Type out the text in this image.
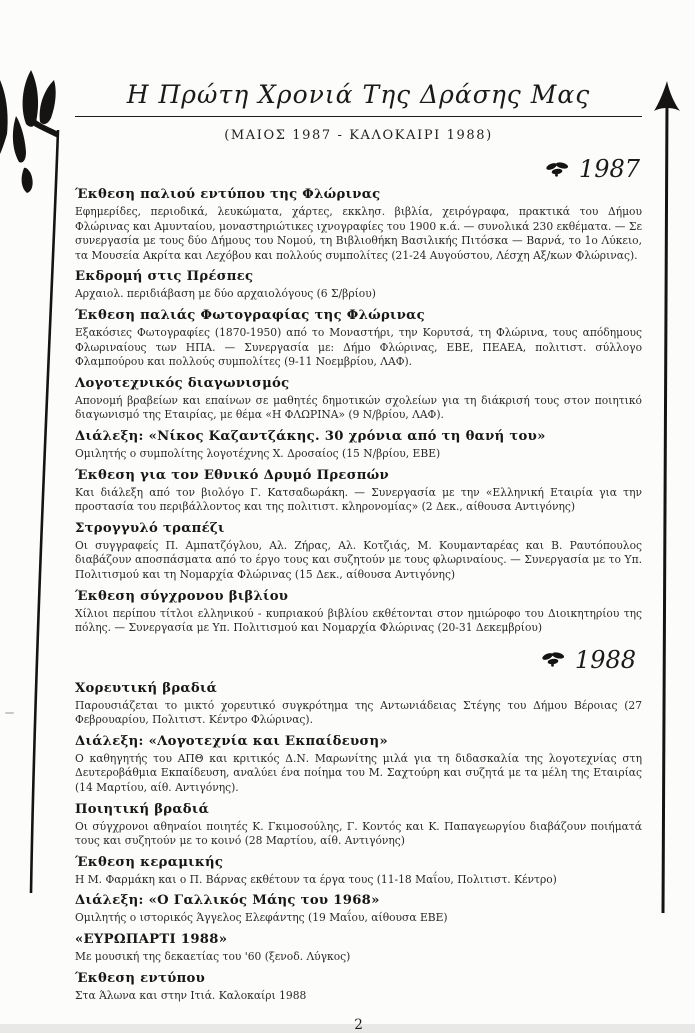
Η Πρώτη Χρονιά Της Δράσης Μας
(ΜΑΙΟΣ 1987 - ΚΑΛΟΚΑΙΡΙ 1988)
1987
Έκθεση παλιού εντύπου της Φλώρινας

Εφημερίδες, περιοδικά, λευκώματα, χάρτες, εκκλησ. βιβλία, χειρόγραφα, πρακτικά του Δήμου Φλώρινας και Αμυνταίου, μοναστηριώτικες ιχνογραφίες του 1900 κ.ά. — συνολικά 230 εκθέματα. — Σε συνεργασία με τους δύο Δήμους του Νομού, τη Βιβλιοθήκη Βασιλικής Πιτόσκα — Βαρνά, το 1ο Λύκειο, τα Μουσεία Ακρίτα και Λεχόβου και πολλούς συμπολίτες (21-24 Αυγούστου, Λέσχη Αξ/κων Φλώρινας).

Εκδρομή στις Πρέσπες

Αρχαιολ. περιδιάβαση με δύο αρχαιολόγους (6 Σ/βρίου)

Έκθεση παλιάς Φωτογραφίας της Φλώρινας

Εξακόσιες Φωτογραφίες (1870-1950) από το Μοναστήρι, την Κορυτσά, τη Φλώρινα, τους απόδημους Φλωριναίους των ΗΠΑ. — Συνεργασία με: Δήμο Φλώρινας, ΕΒΕ, ΠΕΑΕΑ, πολιτιστ. σύλλογο Φλαμπούρου και πολλούς συμπολίτες (9-11 Νοεμβρίου, ΛΑΦ).

Λογοτεχνικός διαγωνισμός

Απονομή βραβείων και επαίνων σε μαθητές δημοτικών σχολείων για τη διάκρισή τους στον ποιητικό διαγωνισμό της Εταιρίας, με θέμα «Η ΦΛΩΡΙΝΑ» (9 Ν/βρίου, ΛΑΦ).

Διάλεξη: «Νίκος Καζαντζάκης. 30 χρόνια από τη θανή του»

Ομιλητής ο συμπολίτης λογοτέχνης Χ. Δροσαίος (15 Ν/βρίου, ΕΒΕ)

Έκθεση για τον Εθνικό Δρυμό Πρεσπών

Και διάλεξη από τον βιολόγο Γ. Κατσαδωράκη. — Συνεργασία με την «Ελληνική Εταιρία για την προστασία του περιβάλλοντος και της πολιτιστ. κληρονομίας» (2 Δεκ., αίθουσα Αντιγόνης)

Στρογγυλό τραπέζι

Οι συγγραφείς Π. Αμπατζόγλου, Αλ. Ζήρας, Αλ. Κοτζιάς, Μ. Κουμανταρέας και Β. Ραυτόπουλος διαβάζουν αποσπάσματα από το έργο τους και συζητούν με τους φλωριναίους. — Συνεργασία με το Υπ. Πολιτισμού και τη Νομαρχία Φλώρινας (15 Δεκ., αίθουσα Αντιγόνης)

Έκθεση σύγχρονου βιβλίου

Χίλιοι περίπου τίτλοι ελληνικού - κυπριακού βιβλίου εκθέτονται στον ημιώροφο του Διοικητηρίου της πόλης. — Συνεργασία με Υπ. Πολιτισμού και Νομαρχία Φλώρινας (20-31 Δεκεμβρίου)

1988
Χορευτική βραδιά

Παρουσιάζεται το μικτό χορευτικό συγκρότημα της Αντωνιάδειας Στέγης του Δήμου Βέροιας (27 Φεβρουαρίου, Πολιτιστ. Κέντρο Φλώρινας).

Διάλεξη: «Λογοτεχνία και Εκπαίδευση»

Ο καθηγητής του ΑΠΘ και κριτικός Δ.Ν. Μαρωνίτης μιλά για τη διδασκαλία της λογοτεχνίας στη Δευτεροβάθμια Εκπαίδευση, αναλύει ένα ποίημα του Μ. Σαχτούρη και συζητά με τα μέλη της Εταιρίας (14 Μαρτίου, αίθ. Αντιγόνης).

Ποιητική βραδιά

Οι σύγχρονοι αθηναίοι ποιητές Κ. Γκιμοσούλης, Γ. Κοντός και Κ. Παπαγεωργίου διαβάζουν ποιήματά τους και συζητούν με το κοινό (28 Μαρτίου, αίθ. Αντιγόνης)

Έκθεση κεραμικής

Η Μ. Φαρμάκη και ο Π. Βάρνας εκθέτουν τα έργα τους (11-18 Μαΐου, Πολιτιστ. Κέντρο)

Διάλεξη: «Ο Γαλλικός Μάης του 1968»

Ομιλητής ο ιστορικός Άγγελος Ελεφάντης (19 Μαΐου, αίθουσα ΕΒΕ)

«ΕΥΡΩΠΑΡΤΙ 1988»

Με μουσική της δεκαετίας του '60 (ξενοδ. Λύγκος)

Έκθεση εντύπου

Στα Άλωνα και στην Ιτιά. Καλοκαίρι 1988

2
